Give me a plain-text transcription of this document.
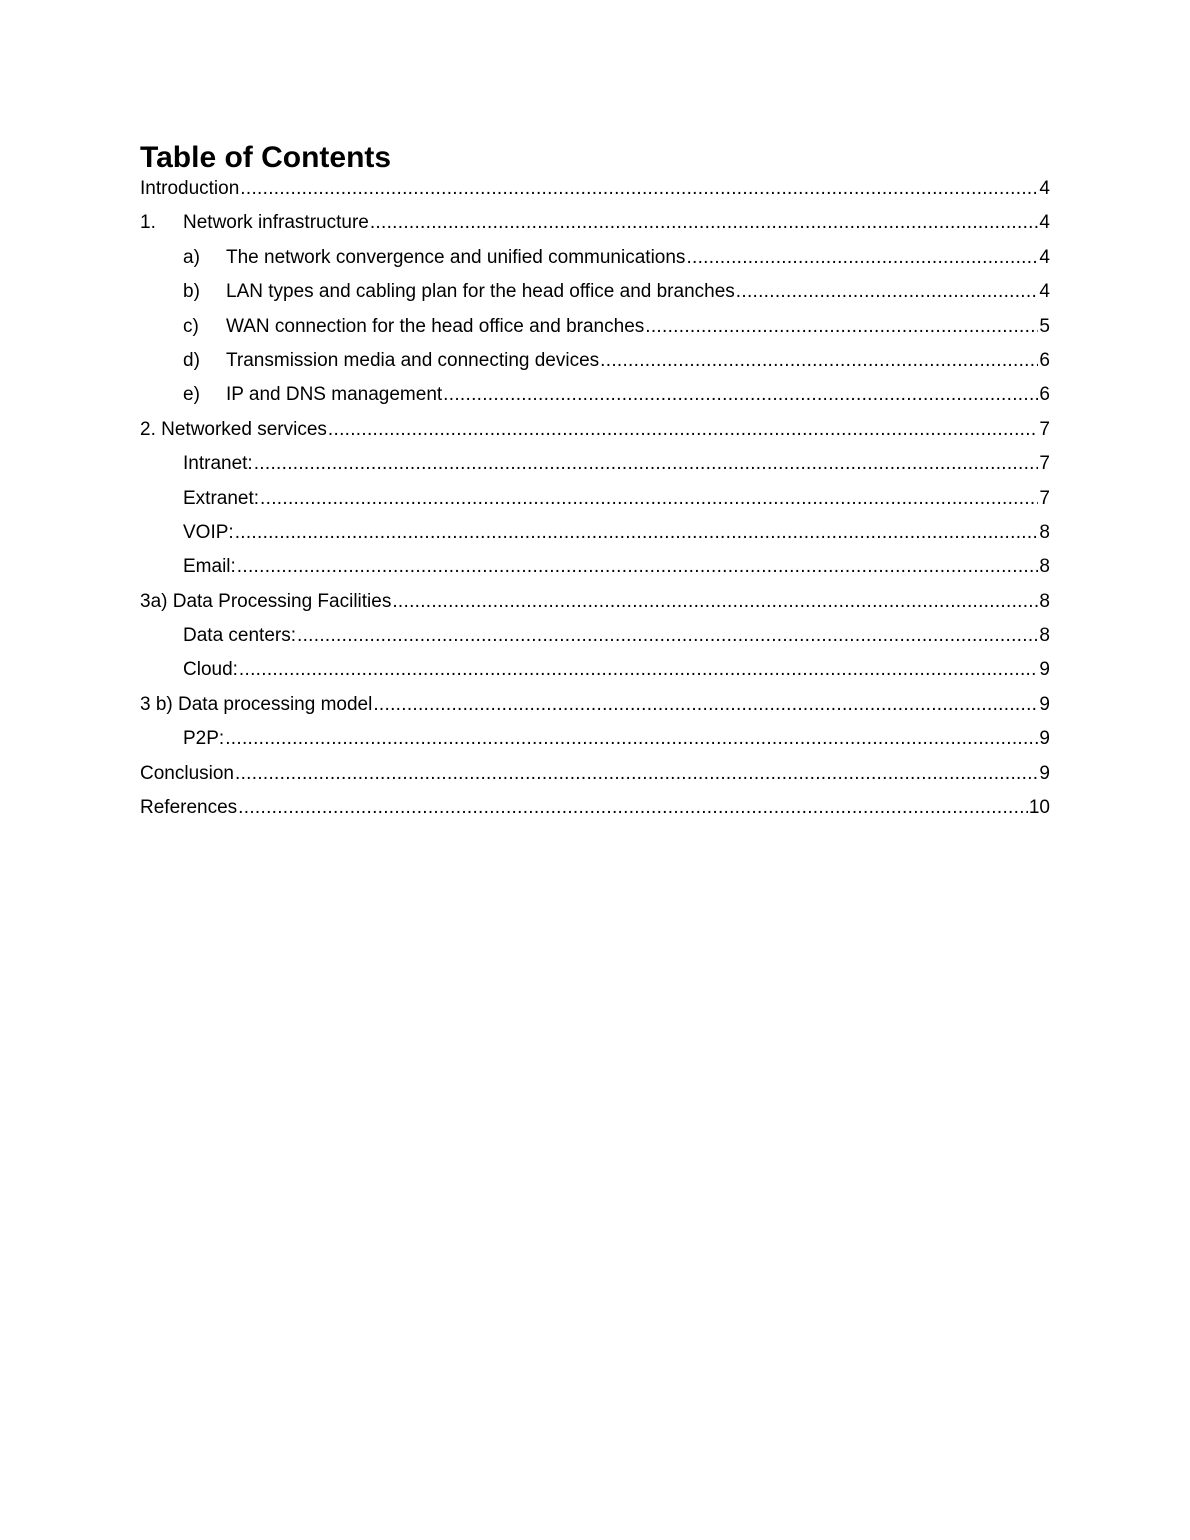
Table of Contents
Introduction .....	4
1.	Network infrastructure .....	4
a)	The network convergence and unified communications .....	4
b)	LAN types and cabling plan for the head office and branches .....	4
c)	WAN connection for the head office and branches .....	5
d)	Transmission media and connecting devices .....	6
e)	IP and DNS management .....	6
2. Networked services .....	7
Intranet: .....	7
Extranet: .....	7
VOIP: .....	8
Email: .....	8
3a) Data Processing Facilities .....	8
Data centers: .....	8
Cloud: .....	9
3 b) Data processing model .....	9
P2P: .....	9
Conclusion .....	9
References .....	10
